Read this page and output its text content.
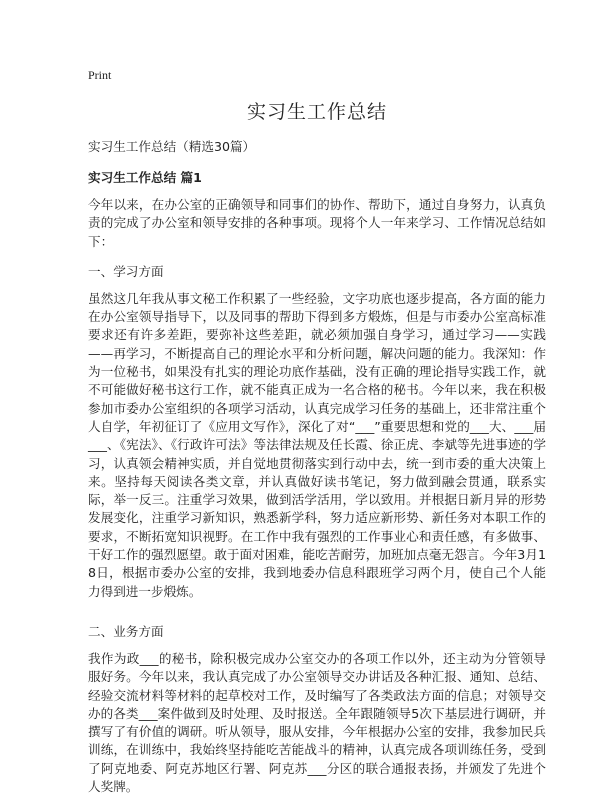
Print
实习生工作总结
实习生工作总结（精选30篇）
实习生工作总结 篇1

今年以来，在办公室的正确领导和同事们的协作、帮助下，通过自身努力，认真负责的完成了办公室和领导安排的各种事项。现将个人一年来学习、工作情况总结如下：

一、学习方面

虽然这几年我从事文秘工作积累了一些经验，文字功底也逐步提高，各方面的能力在办公室领导指导下，以及同事的帮助下得到多方煅炼，但是与市委办公室高标准要求还有许多差距，要弥补这些差距，就必须加强自身学习，通过学习——实践——再学习，不断提高自己的理论水平和分析问题，解决问题的能力。我深知：作为一位秘书，如果没有扎实的理论功底作基础，没有正确的理论指导实践工作，就不可能做好秘书这行工作，就不能真正成为一名合格的秘书。今年以来，我在积极参加市委办公室组织的各项学习活动，认真完成学习任务的基础上，还非常注重个人自学，年初征订了《应用文写作》，深化了对“___”重要思想和党的___大、___届___、《宪法》、《行政许可法》等法律法规及任长霞、徐正虎、李斌等先进事迹的学习，认真领会精神实质，并自觉地贯彻落实到行动中去，统一到市委的重大决策上来。坚持每天阅读各类文章，并认真做好读书笔记，努力做到融会贯通，联系实际，举一反三。注重学习效果，做到活学活用，学以致用。并根据日新月异的形势发展变化，注重学习新知识，熟悉新学科，努力适应新形势、新任务对本职工作的要求，不断拓宽知识视野。在工作中我有强烈的工作事业心和责任感，有多做事、干好工作的强烈愿望。敢于面对困难，能吃苦耐劳，加班加点毫无怨言。今年3月18日，根据市委办公室的安排，我到地委办信息科跟班学习两个月，使自己个人能力得到进一步煅炼。

二、业务方面

我作为政___的秘书，除积极完成办公室交办的各项工作以外，还主动为分管领导服好务。今年以来，我认真完成了办公室领导交办讲话及各种汇报、通知、总结、经验交流材料等材料的起草校对工作，及时编写了各类政法方面的信息；对领导交办的各类___案件做到及时处理、及时报送。全年跟随领导5次下基层进行调研，并撰写了有价值的调研。听从领导，服从安排，今年根据办公室的安排，我参加民兵训练，在训练中，我始终坚持能吃苦能战斗的精神，认真完成各项训练任务，受到了阿克地委、阿克苏地区行署、阿克苏___分区的联合通报表扬，并颁发了先进个人奖牌。
